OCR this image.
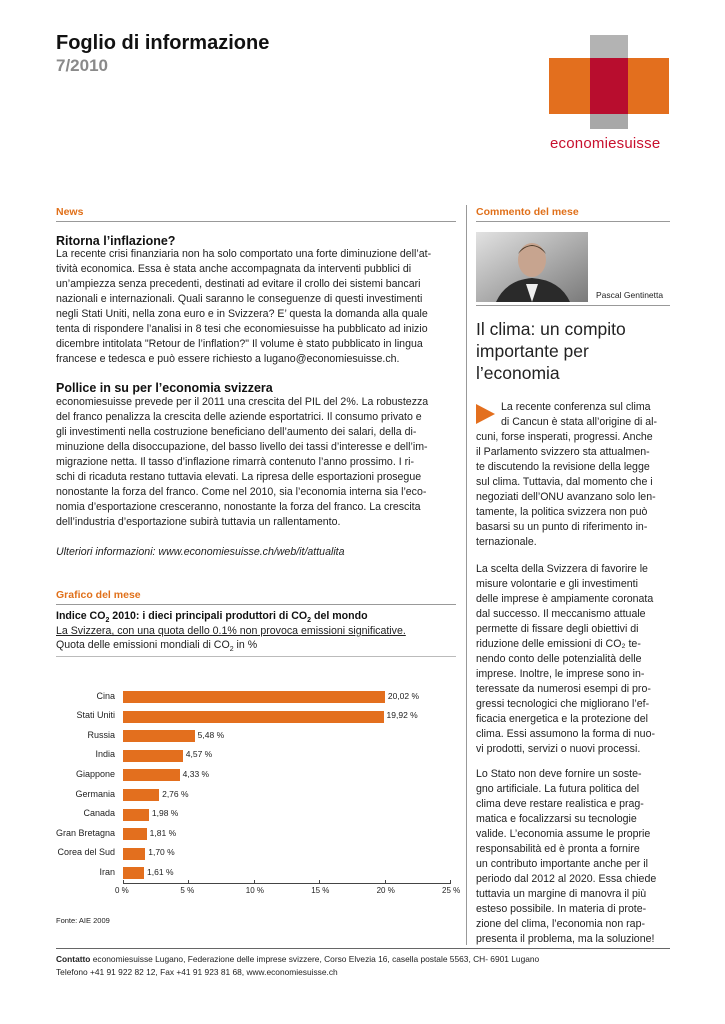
Foglio di informazione
7/2010
economiesuisse
News
Ritorna l’inflazione?
La recente crisi finanziaria non ha solo comportato una forte diminuzione dell’at-
tività economica. Essa è stata anche accompagnata da interventi pubblici di
un’ampiezza senza precedenti, destinati ad evitare il crollo dei sistemi bancari
nazionali e internazionali. Quali saranno le conseguenze di questi investimenti
negli Stati Uniti, nella zona euro e in Svizzera? E’ questa la domanda alla quale
tenta di rispondere l’analisi in 8 tesi che economiesuisse ha pubblicato ad inizio
dicembre intitolata "Retour de l’inflation?" Il volume è stato pubblicato in lingua
francese e tedesca e può essere richiesto a lugano@economiesuisse.ch.
Pollice in su per l’economia svizzera
economiesuisse prevede per il 2011 una crescita del PIL del 2%. La robustezza
del franco penalizza la crescita delle aziende esportatrici. Il consumo privato e
gli investimenti nella costruzione beneficiano dell’aumento dei salari, della di-
minuzione della disoccupazione, del basso livello dei tassi d’interesse e dell’im-
migrazione netta. Il tasso d’inflazione rimarrà contenuto l’anno prossimo. I ri-
schi di ricaduta restano tuttavia elevati. La ripresa delle esportazioni prosegue
nonostante la forza del franco. Come nel 2010, sia l’economia interna sia l’eco-
nomia d’esportazione cresceranno, nonostante la forza del franco. La crescita
dell’industria d’esportazione subirà tuttavia un rallentamento.
Ulteriori informazioni: www.economiesuisse.ch/web/it/attualita
Grafico del mese
Indice $CO_2$ 2010: i dieci principali produttori di $CO_2$ del mondo
La Svizzera, con una quota dello 0.1% non provoca emissioni significative.
Quota delle emissioni mondiali di $CO_2$ in %
Cina	20,02 %
Stati Uniti	19,92 %
Russia	5,48 %
India	4,57 %
Giappone	4,33 %
Germania	2,76 %
Canada	1,98 %
Gran Bretagna	1,81 %
Corea del Sud	1,70 %
Iran	1,61 %
0 %	5 %	10 %	15 %	20 %	25 %
Fonte: AIE 2009
Commento del mese
Pascal Gentinetta
Il clima: un compito
importante per
l’economia
La recente conferenza sul clima
di Cancun è stata all’origine di al-
cuni, forse insperati, progressi. Anche
il Parlamento svizzero sta attualmen-
te discutendo la revisione della legge
sul clima. Tuttavia, dal momento che i
negoziati dell’ONU avanzano solo len-
tamente, la politica svizzera non può
basarsi su un punto di riferimento in-
ternazionale.
La scelta della Svizzera di favorire le
misure volontarie e gli investimenti
delle imprese è ampiamente coronata
dal successo. Il meccanismo attuale
permette di fissare degli obiettivi di
riduzione delle emissioni di CO₂ te-
nendo conto delle potenzialità delle
imprese. Inoltre, le imprese sono in-
teressate da numerosi esempi di pro-
gressi tecnologici che migliorano l’ef-
ficacia energetica e la protezione del
clima. Essi assumono la forma di nuo-
vi prodotti, servizi o nuovi processi.
Lo Stato non deve fornire un soste-
gno artificiale. La futura politica del
clima deve restare realistica e prag-
matica e focalizzarsi su tecnologie
valide. L’economia assume le proprie
responsabilità ed è pronta a fornire
un contributo importante anche per il
periodo dal 2012 al 2020. Essa chiede
tuttavia un margine di manovra il più
esteso possibile. In materia di prote-
zione del clima, l’economia non rap-
presenta il problema, ma la soluzione!
Contatto economiesuisse Lugano, Federazione delle imprese svizzere, Corso Elvezia 16, casella postale 5563, CH- 6901 Lugano
Telefono +41 91 922 82 12, Fax +41 91 923 81 68, www.economiesuisse.ch
